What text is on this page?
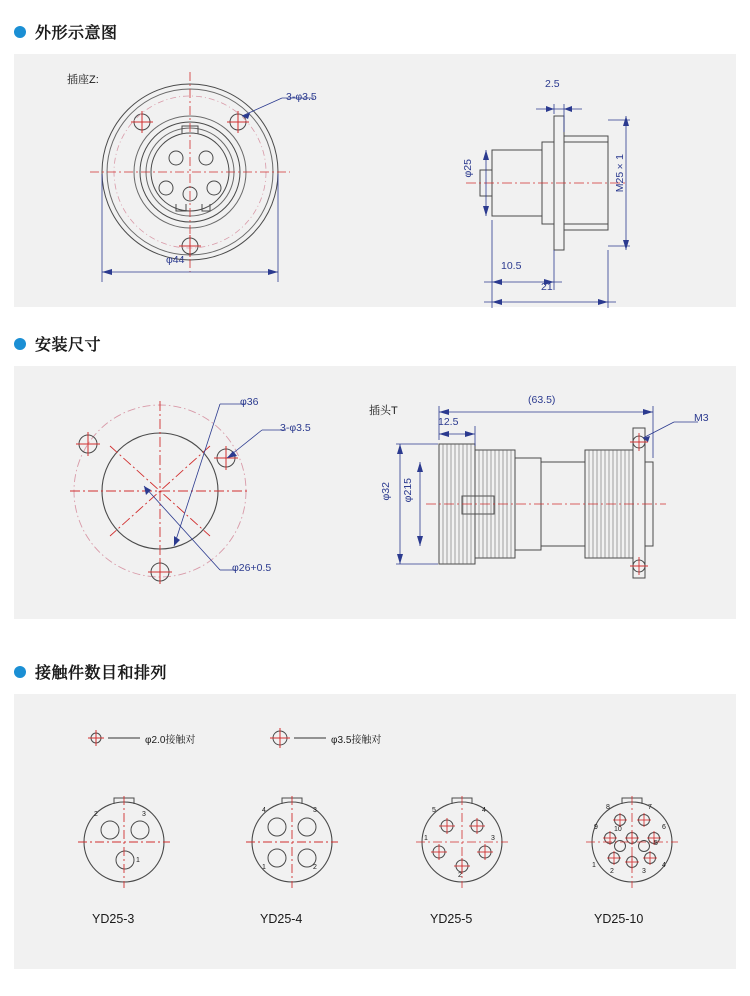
外形示意图
插座Z:
3-φ3.5
φ44
φ25	M25×1
2.5
10.5
21
安装尺寸
φ36
3-φ3.5
φ26+0.5
插头T
(63.5)
12.5
φ32 φ215
M3
接触件数目和排列
φ2.0接触对	φ3.5接触对
2	3
1
4	3
1	2
5	4
1	3
2
8	7
9 10	6
5
1
2	3
4
YD25-3	YD25-4	YD25-5	YD25-10
